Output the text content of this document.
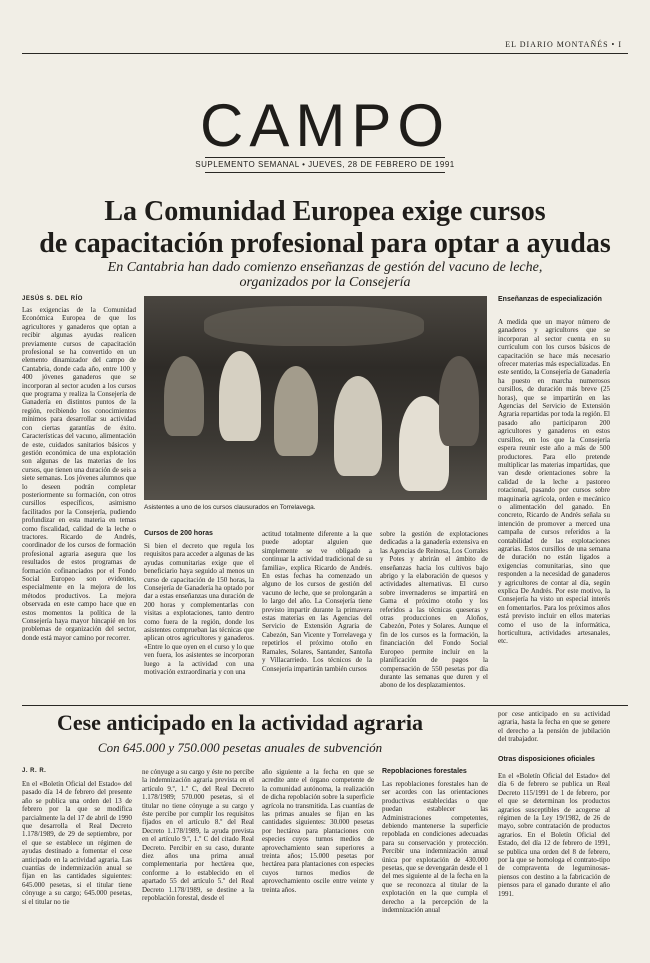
EL DIARIO MONTAÑÉS • I
CAMPO
SUPLEMENTO SEMANAL • JUEVES, 28 DE FEBRERO DE 1991
La Comunidad Europea exige cursos
de capacitación profesional para optar a ayudas
En Cantabria han dado comienzo enseñanzas de gestión del vacuno de leche,
organizados por la Consejería
JESÚS S. DEL RÍO
Las exigencias de la Comunidad Económica Europea de que los agricultores y ganaderos que optan a recibir algunas ayudas realicen previamente cursos de capacitación profesional se ha convertido en un elemento dinamizador del campo de Cantabria, donde cada año, entre 100 y 400 jóvenes ganaderos que se incorporan al sector acuden a los cursos que programa y realiza la Consejería de Ganadería en distintos puntos de la región, recibiendo los conocimientos mínimos para desarrollar su actividad con ciertas garantías de éxito. Características del vacuno, alimentación de este, cuidados sanitarios básicos y gestión económica de una explotación son algunas de las materias de los cursos, que tienen una duración de seis a siete semanas. Los jóvenes alumnos que lo deseen podrán completar posteriormente su formación, con otros cursillos específicos, asimismo facilitados por la Consejería, pudiendo profundizar en esta materia en temas como fiscalidad, calidad de la leche o tractores. Ricardo de Andrés, coordinador de los cursos de formación profesional agraria asegura que los resultados de estos programas de formación cofinanciados por el Fondo Social Europeo son evidentes, especialmente en la mejora de los métodos productivos. La mejora observada en este campo hace que en estos momentos la política de la Consejería haya mayor hincapié en los problemas de organización del sector, donde está mayor camino por recorrer.
Asistentes a uno de los cursos clausurados en Torrelavega.
Cursos de 200 horas
Si bien el decreto que regula los requisitos para acceder a algunas de las ayudas comunitarias exige que el beneficiario haya seguido al menos un curso de capacitación de 150 horas, la Consejería de Ganadería ha optado por dar a estas enseñanzas una duración de 200 horas y complementarlas con visitas a explotaciones, tanto dentro como fuera de la región, donde los asistentes comprueban las técnicas que aplican otros agricultores y ganaderos. «Entre lo que oyen en el curso y lo que ven fuera, los asistentes se incorporan luego a la actividad con una motivación extraordinaria y con una
actitud totalmente diferente a la que puede adoptar alguien que simplemente se ve obligado a continuar la actividad tradicional de su familia», explica Ricardo de Andrés. En estas fechas ha comenzado un alguno de los cursos de gestión del vacuno de leche, que se prolongarán a lo largo del año. La Consejería tiene previsto impartir durante la primavera estas materias en las Agencias del Servicio de Extensión Agraria de Cabezón, San Vicente y Torrelavega y repetirlos el próximo otoño en Ramales, Solares, Santander, Santoña y Villacarriedo. Los técnicos de la Consejería impartirán también cursos
sobre la gestión de explotaciones dedicadas a la ganadería extensiva en las Agencias de Reinosa, Los Corrales y Potes y abrirán el ámbito de enseñanzas hacia los cultivos bajo abrigo y la elaboración de quesos y actividades alternativas. El curso sobre invernaderos se impartirá en Gama el próximo otoño y los referidos a las técnicas queseras y otras producciones en Aloños, Cabezón, Potes y Solares. Aunque el fin de los cursos es la formación, la financiación del Fondo Social Europeo permite incluir en la planificación de pagos la compensación de 550 pesetas por día durante las semanas que duren y el abono de los desplazamientos.
Enseñanzas de especialización
A medida que un mayor número de ganaderos y agricultores que se incorporan al sector cuenta en su currículum con los cursos básicos de capacitación se hace más necesario ofrecer materias más especializadas. En este sentido, la Consejería de Ganadería ha puesto en marcha numerosos cursillos, de duración más breve (25 horas), que se impartirán en las Agencias del Servicio de Extensión Agraria repartidas por toda la región. El pasado año participaron 200 agricultores y ganaderos en estos cursillos, en los que la Consejería espera reunir este año a más de 500 productores. Para ello pretende multiplicar las materias impartidas, que van desde orientaciones sobre la calidad de la leche a pastoreo rotacional, pasando por cursos sobre maquinaria agrícola, orden e mecánico o alimentación del ganado. En concreto, Ricardo de Andrés señala su intención de promover a merced una campaña de cursos referidos a la contabilidad de las explotaciones agrarias. Estos cursillos de una semana de duración no están ligados a exigencias comunitarias, sino que responden a la necesidad de ganaderos y agricultores de contar al día, según explica De Andrés. Por este motivo, la Consejería ha visto un especial interés en fomentarlos. Para los próximos años está previsto incluir en ellos materias como el uso de la informática, horticultura, actividades artesanales, etc.
Cese anticipado en la actividad agraria
Con 645.000 y 750.000 pesetas anuales de subvención
J. R. R.
En el «Boletín Oficial del Estado» del pasado día 14 de febrero del presente año se publica una orden del 13 de febrero por la que se modifica parcialmente la del 17 de abril de 1990 que desarrolla el Real Decreto 1.178/1989, de 29 de septiembre, por el que se establece un régimen de ayudas destinado a fomentar el cese anticipado en la actividad agraria. Las cuantías de indemnización anual se fijan en las cantidades siguientes: 645.000 pesetas, si el titular tiene cónyuge a su cargo; 645.000 pesetas, si el titular no tie
ne cónyuge a su cargo y éste no percibe la indemnización agraria prevista en el artículo 9.º, 1.º C, del Real Decreto 1.178/1989; 570.000 pesetas, si el titular no tiene cónyuge a su cargo y éste percibe por cumplir los requisitos fijados en el artículo 8.º del Real Decreto 1.178/1989, la ayuda prevista en el artículo 9.º, 1.º C del citado Real Decreto. Percibir en su caso, durante diez años una prima anual complementaria por hectárea que, conforme a lo establecido en el apartado 55 del artículo 5.º del Real Decreto 1.178/1989, se destine a la repoblación forestal, desde el
año siguiente a la fecha en que se acredite ante el órgano competente de la comunidad autónoma, la realización de dicha repoblación sobre la superficie agrícola no transmitida. Las cuantías de las primas anuales se fijan en las cantidades siguientes: 30.000 pesetas por hectárea para plantaciones con especies cuyos turnos medios de aprovechamiento sean superiores a treinta años; 15.000 pesetas por hectárea para plantaciones con especies cuyos turnos medios de aprovechamiento oscile entre veinte y treinta años.
Repoblaciones forestales
Las repoblaciones forestales han de ser acordes con las orientaciones productivas establecidas o que puedan establecer las Administraciones competentes, debiendo mantenerse la superficie repoblada en condiciones adecuadas para su conservación y protección. Percibir una indemnización anual única por explotación de 430.000 pesetas, que se devengarán desde el 1 del mes siguiente al de la fecha en la que se reconozca al titular de la explotación en la que cumpla el derecho a la percepción de la indemnización anual
por cese anticipado en su actividad agraria, hasta la fecha en que se genere el derecho a la pensión de jubilación del trabajador.
Otras disposiciones oficiales
En el «Boletín Oficial del Estado» del día 6 de febrero se publica un Real Decreto 115/1991 de 1 de febrero, por el que se determinan los productos agrarios susceptibles de acogerse al régimen de la Ley 19/1982, de 26 de mayo, sobre contratación de productos agrarios. En el Boletín Oficial del Estado, del día 12 de febrero de 1991, se publica una orden del 8 de febrero, por la que se homologa el contrato-tipo de compraventa de leguminosas-piensos con destino a la fabricación de piensos para el ganado durante el año 1991.
